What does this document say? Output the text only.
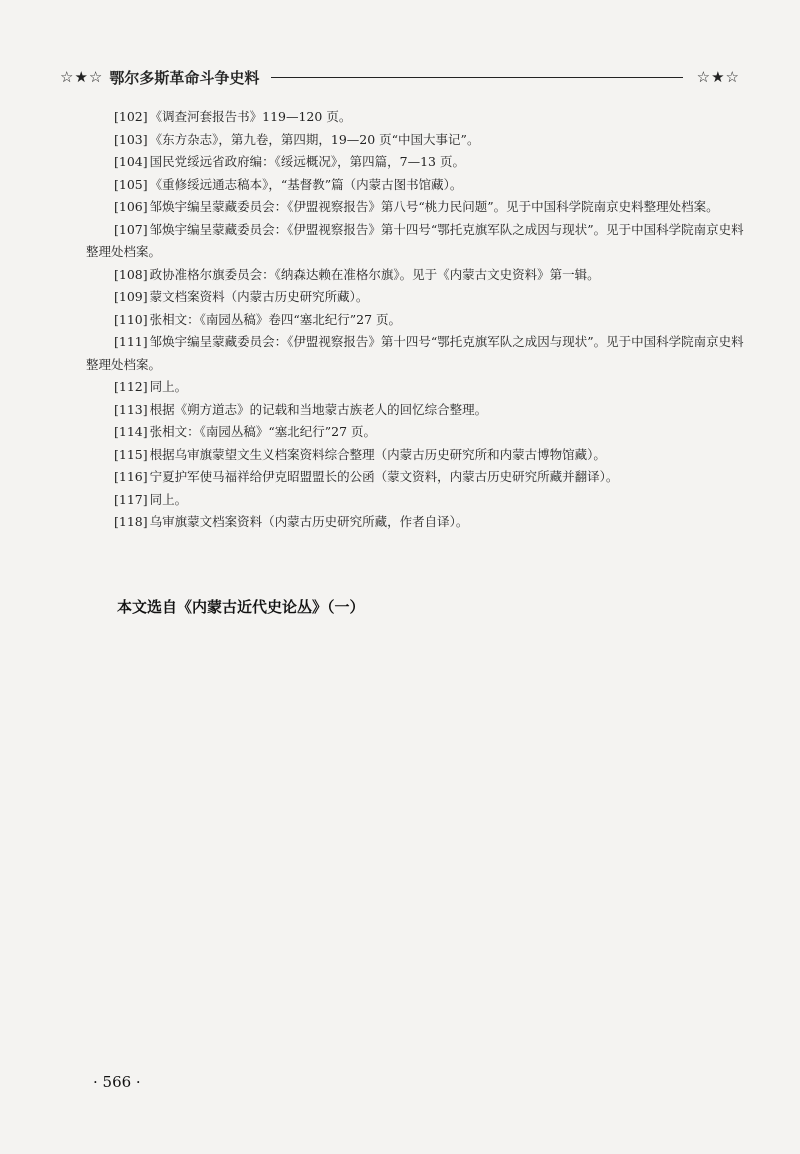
☆★☆ 鄂尔多斯革命斗争史料	☆★☆

[102] 《调查河套报告书》119—120 页。

[103] 《东方杂志》，第九卷，第四期，19—20 页“中国大事记”。

[104] 国民党绥远省政府编：《绥远概况》，第四篇，7—13 页。

[105] 《重修绥远通志稿本》，“基督教”篇（内蒙古图书馆藏）。

[106] 邹焕宇编呈蒙藏委员会：《伊盟视察报告》第八号“桃力民问题”。见于中国科学院南京史料整理处档案。

[107] 邹焕宇编呈蒙藏委员会：《伊盟视察报告》第十四号“鄂托克旗军队之成因与现状”。见于中国科学院南京史料整理处档案。

[108] 政协准格尔旗委员会：《纳森达赖在准格尔旗》。见于《内蒙古文史资料》第一辑。

[109] 蒙文档案资料（内蒙古历史研究所藏）。

[110] 张相文：《南园丛稿》卷四“塞北纪行”27 页。

[111] 邹焕宇编呈蒙藏委员会：《伊盟视察报告》第十四号“鄂托克旗军队之成因与现状”。见于中国科学院南京史料整理处档案。

[112] 同上。

[113] 根据《朔方道志》的记载和当地蒙古族老人的回忆综合整理。

[114] 张相文：《南园丛稿》“塞北纪行”27 页。

[115] 根据乌审旗蒙望文生义档案资料综合整理（内蒙古历史研究所和内蒙古博物馆藏）。

[116] 宁夏护军使马福祥给伊克昭盟盟长的公函（蒙文资料，内蒙古历史研究所藏并翻译）。

[117] 同上。

[118] 乌审旗蒙文档案资料（内蒙古历史研究所藏，作者自译）。

本文选自《内蒙古近代史论丛》（一）
· 566 ·
